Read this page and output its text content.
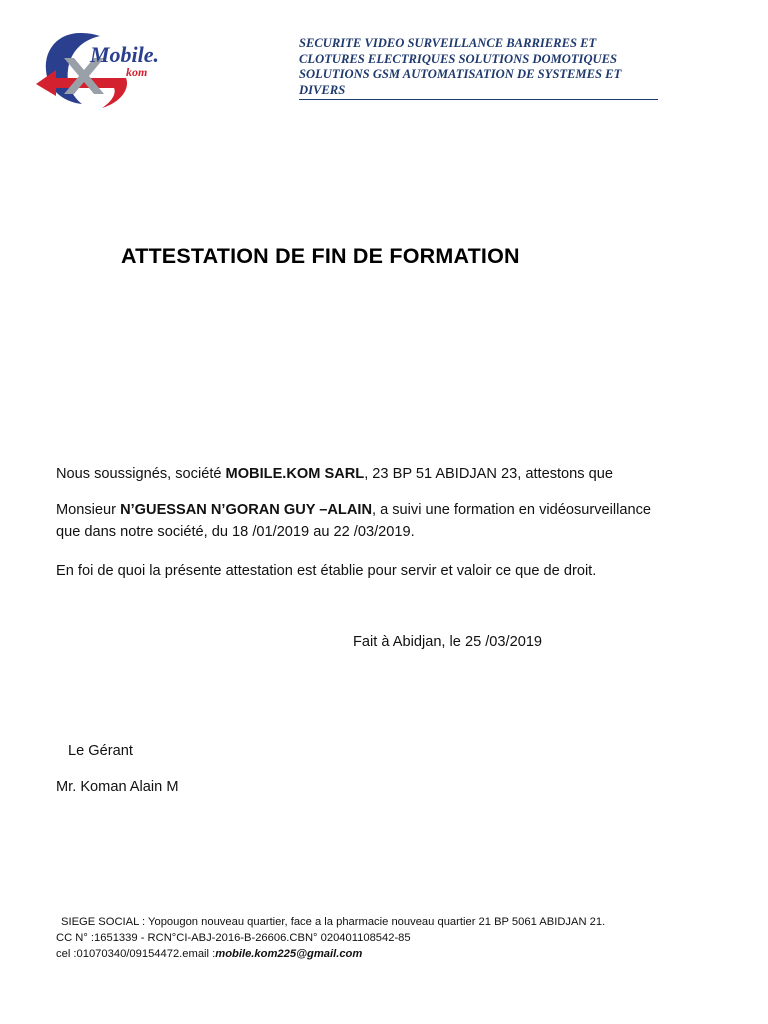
Mobile.
kom
SECURITE VIDEO SURVEILLANCE BARRIERES ET
CLOTURES ELECTRIQUES SOLUTIONS DOMOTIQUES
SOLUTIONS GSM AUTOMATISATION DE SYSTEMES ET
DIVERS
ATTESTATION DE FIN DE FORMATION
Nous soussignés, société MOBILE.KOM SARL, 23 BP 51 ABIDJAN 23, attestons que
Monsieur N’GUESSAN N’GORAN GUY –ALAIN, a suivi une formation en vidéosurveillance
que dans notre société, du 18 /01/2019 au 22 /03/2019.
En foi de quoi la présente attestation est établie pour servir et valoir ce que de droit.
Fait à Abidjan, le 25 /03/2019
Le Gérant
Mr. Koman Alain M
SIEGE SOCIAL : Yopougon nouveau quartier, face a la pharmacie nouveau quartier 21 BP 5061 ABIDJAN 21.
CC N° :1651339 - RCN°CI-ABJ-2016-B-26606.CBN° 020401108542-85
cel :01070340/09154472.email :mobile.kom225@gmail.com
